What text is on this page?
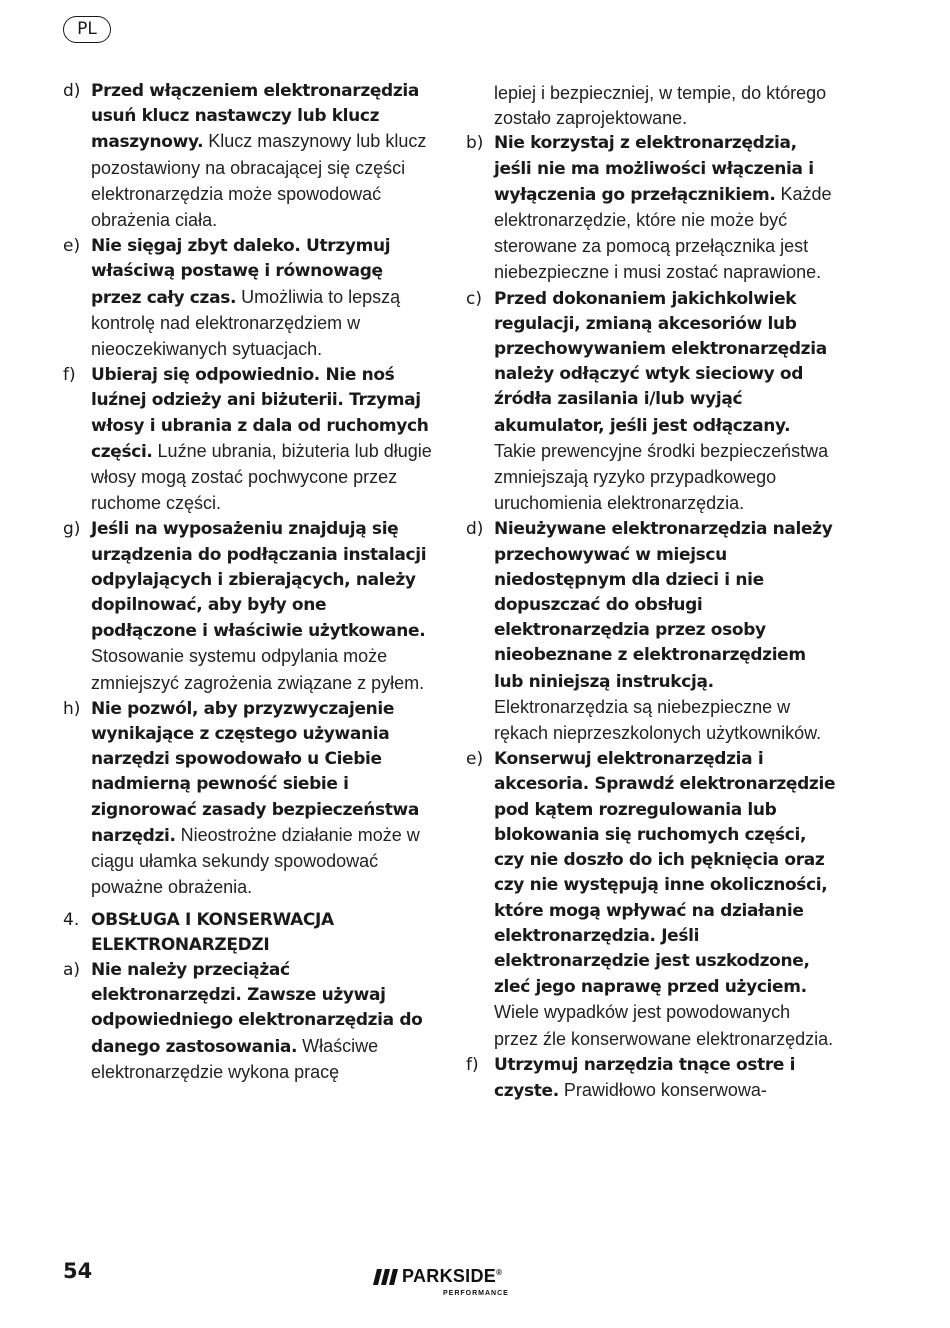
PL
d) Przed włączeniem elektronarzędzia usuń klucz nastawczy lub klucz maszynowy. Klucz maszynowy lub klucz pozostawiony na obracającej się części elektronarzędzia może spowodować obrażenia ciała.
e) Nie sięgaj zbyt daleko. Utrzymuj właściwą postawę i równowagę przez cały czas. Umożliwia to lepszą kontrolę nad elektronarzędziem w nieoczekiwanych sytuacjach.
f) Ubieraj się odpowiednio. Nie noś luźnej odzieży ani biżuterii. Trzymaj włosy i ubrania z dala od ruchomych części. Luźne ubrania, biżuteria lub długie włosy mogą zostać pochwycone przez ruchome części.
g) Jeśli na wyposażeniu znajdują się urządzenia do podłączania instalacji odpylających i zbierających, należy dopilnować, aby były one podłączone i właściwie użytkowane. Stosowanie systemu odpylania może zmniejszyć zagrożenia związane z pyłem.
h) Nie pozwól, aby przyzwyczajenie wynikające z częstego używania narzędzi spowodowało u Ciebie nadmierną pewność siebie i zignorować zasady bezpieczeństwa narzędzi. Nieostrożne działanie może w ciągu ułamka sekundy spowodować poważne obrażenia.
4. OBSŁUGA I KONSERWACJA ELEKTRONARZĘDZI
a) Nie należy przeciążać elektronarzędzi. Zawsze używaj odpowiedniego elektronarzędzia do danego zastosowania. Właściwe elektronarzędzie wykona pracę
lepiej i bezpieczniej, w tempie, do którego zostało zaprojektowane.
b) Nie korzystaj z elektronarzędzia, jeśli nie ma możliwości włączenia i wyłączenia go przełącznikiem. Każde elektronarzędzie, które nie może być sterowane za pomocą przełącznika jest niebezpieczne i musi zostać naprawione.
c) Przed dokonaniem jakichkolwiek regulacji, zmianą akcesoriów lub przechowywaniem elektronarzędzia należy odłączyć wtyk sieciowy od źródła zasilania i/lub wyjąć akumulator, jeśli jest odłączany. Takie prewencyjne środki bezpieczeństwa zmniejszają ryzyko przypadkowego uruchomienia elektronarzędzia.
d) Nieużywane elektronarzędzia należy przechowywać w miejscu niedostępnym dla dzieci i nie dopuszczać do obsługi elektronarzędzia przez osoby nieobeznane z elektronarzędziem lub niniejszą instrukcją. Elektronarzędzia są niebezpieczne w rękach nieprzeszkolonych użytkowników.
e) Konserwuj elektronarzędzia i akcesoria. Sprawdź elektronarzędzie pod kątem rozregulowania lub blokowania się ruchomych części, czy nie doszło do ich pęknięcia oraz czy nie występują inne okoliczności, które mogą wpływać na działanie elektronarzędzia. Jeśli elektronarzędzie jest uszkodzone, zleć jego naprawę przed użyciem. Wiele wypadków jest powodowanych przez źle konserwowane elektronarzędzia.
f) Utrzymuj narzędzia tnące ostre i czyste. Prawidłowo konserwowa-
54	PARKSIDE®
PERFORMANCE
